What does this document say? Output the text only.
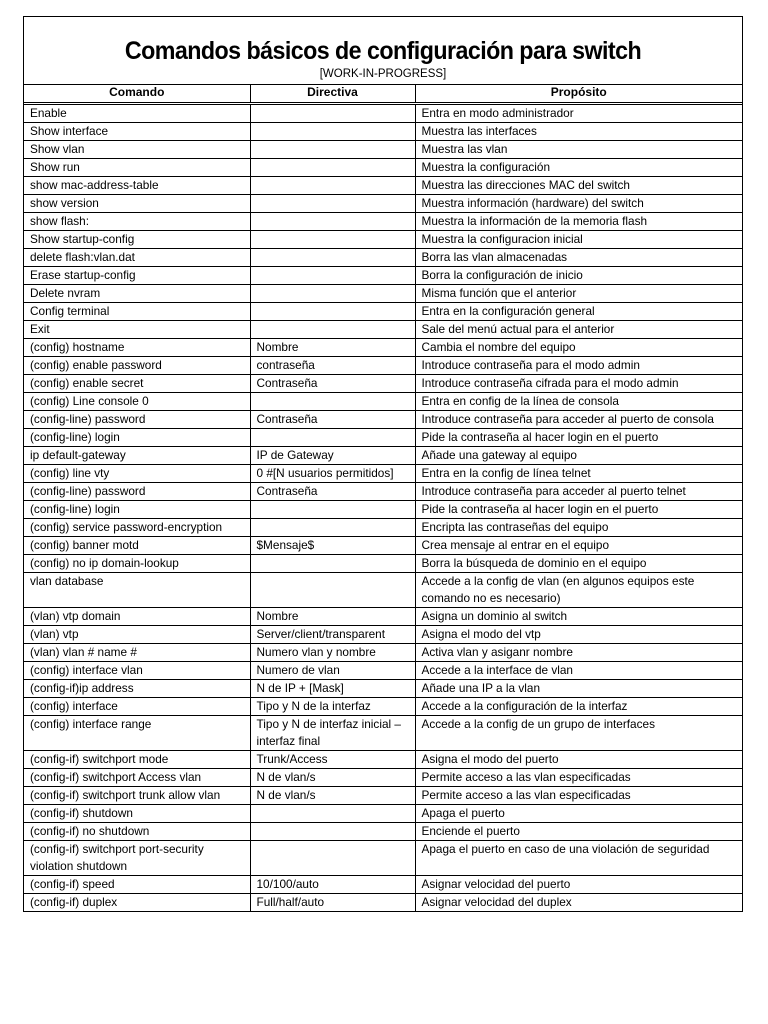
Comandos básicos de configuración para switch
[WORK-IN-PROGRESS]
Comando	Directiva	Propósito
Enable		Entra en modo administrador
Show interface		Muestra las interfaces
Show vlan		Muestra las vlan
Show run		Muestra la configuración
show mac-address-table		Muestra las direcciones MAC del switch
show version		Muestra información (hardware) del switch
show flash:		Muestra la información de la memoria flash
Show startup-config		Muestra la configuracion inicial
delete flash:vlan.dat		Borra las vlan almacenadas
Erase startup-config		Borra la configuración de inicio
Delete nvram		Misma función que el anterior
Config terminal		Entra en la configuración general
Exit		Sale del menú actual para el anterior
(config) hostname	Nombre	Cambia el nombre del equipo
(config) enable password	contraseña	Introduce contraseña para el modo admin
(config) enable secret	Contraseña	Introduce contraseña cifrada para el modo admin
(config) Line console 0		Entra en config de la línea de consola
(config-line) password	Contraseña	Introduce contraseña para acceder al puerto de consola
(config-line) login		Pide la contraseña al hacer login en el puerto
ip default-gateway	IP de Gateway	Añade una gateway al equipo
(config) line vty	0 #[N usuarios permitidos]	Entra en la config de línea telnet
(config-line) password	Contraseña	Introduce contraseña para acceder al puerto telnet
(config-line) login		Pide la contraseña al hacer login en el puerto
(config) service password-encryption		Encripta las contraseñas del equipo
(config) banner motd	$Mensaje$	Crea mensaje al entrar en el equipo
(config) no ip domain-lookup		Borra la búsqueda de dominio en el equipo
vlan database		Accede a la config de vlan (en algunos equipos este comando no es necesario)
(vlan) vtp domain	Nombre	Asigna un dominio al switch
(vlan) vtp	Server/client/transparent	Asigna el modo del vtp
(vlan) vlan # name #	Numero vlan y nombre	Activa vlan y asiganr nombre
(config) interface vlan	Numero de vlan	Accede a la interface de vlan
(config-if)ip address	N de IP + [Mask]	Añade una IP a la vlan
(config) interface	Tipo y N de la interfaz	Accede a la configuración de la interfaz
(config) interface range	Tipo y N de interfaz inicial – interfaz final	Accede a la config de un grupo de interfaces
(config-if) switchport mode	Trunk/Access	Asigna el modo del puerto
(config-if) switchport Access vlan	N de vlan/s	Permite acceso a las vlan especificadas
(config-if) switchport trunk allow vlan	N de vlan/s	Permite acceso a las vlan especificadas
(config-if) shutdown		Apaga el puerto
(config-if) no shutdown		Enciende el puerto
(config-if) switchport port-security violation shutdown		Apaga el puerto en caso de una violación de seguridad
(config-if) speed	10/100/auto	Asignar velocidad del puerto
(config-if) duplex	Full/half/auto	Asignar velocidad del duplex
